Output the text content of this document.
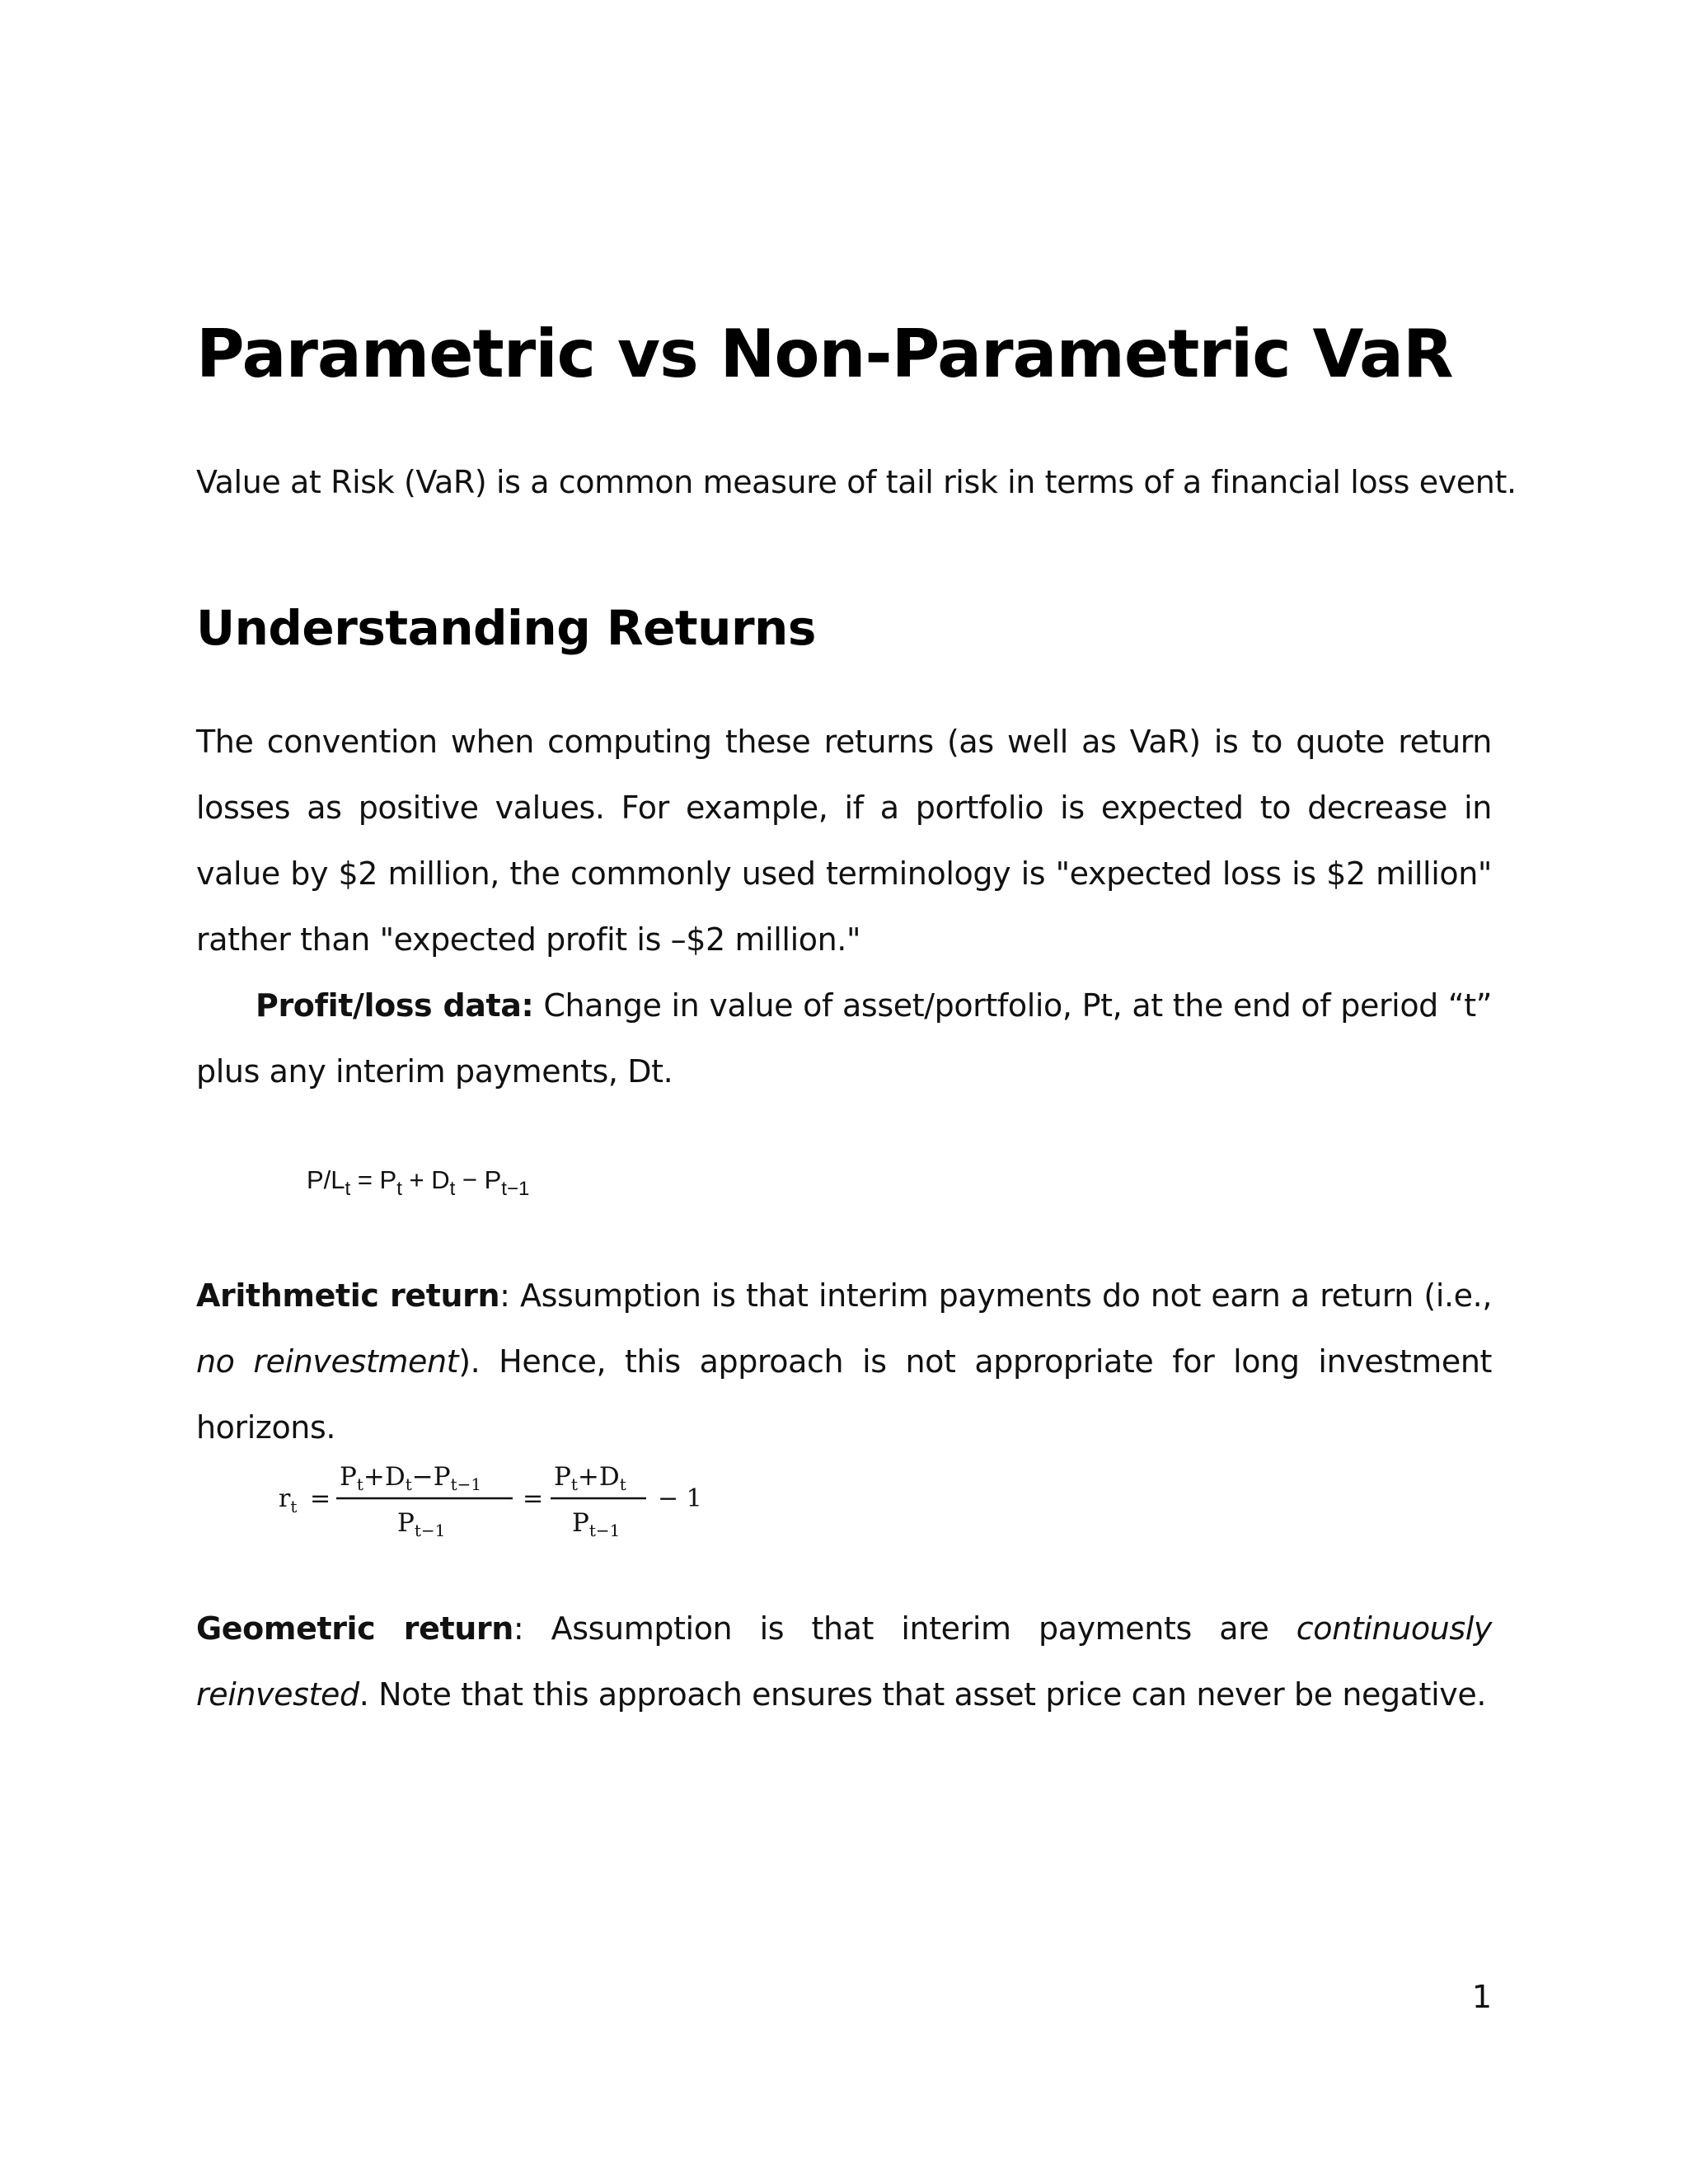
Parametric vs Non-Parametric VaR

Value at Risk (VaR) is a common measure of tail risk in terms of a financial loss event.

Understanding Returns

The convention when computing these returns (as well as VaR) is to quote return losses as positive values. For example, if a portfolio is expected to decrease in value by $2 million, the commonly used terminology is "expected loss is $2 million" rather than "expected profit is –$2 million."

Profit/loss data: Change in value of asset/portfolio, Pt, at the end of period “t” plus any interim payments, Dt.

$P/L_t = P_t + D_t - P_{t-1}$

Arithmetic return: Assumption is that interim payments do not earn a return (i.e., no reinvestment). Hence, this approach is not appropriate for long investment horizons.

$r_t$ =
Pt+Dt−Pt−1
Pt−1
=
Pt+Dt
Pt−1
− 1

Geometric return: Assumption is that interim payments are continuously reinvested. Note that this approach ensures that asset price can never be negative.

1
